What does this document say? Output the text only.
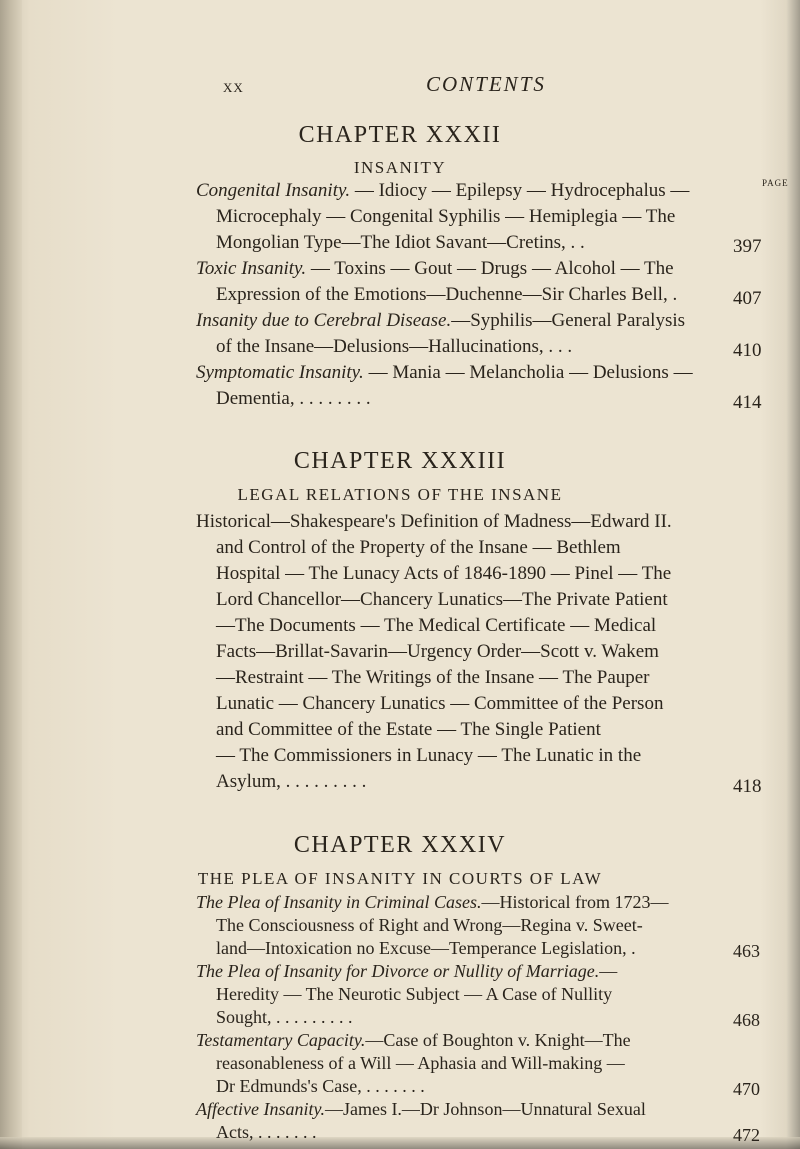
XX	CONTENTS
CHAPTER XXXII
INSANITY
PAGE
Congenital Insanity. — Idiocy — Epilepsy — Hydrocephalus —
Microcephaly — Congenital Syphilis — Hemiplegia — The
Mongolian Type—The Idiot Savant—Cretins, . .	397
Toxic Insanity. — Toxins — Gout — Drugs — Alcohol — The
Expression of the Emotions—Duchenne—Sir Charles Bell, .	407
Insanity due to Cerebral Disease.—Syphilis—General Paralysis
of the Insane—Delusions—Hallucinations, . . .	410
Symptomatic Insanity. — Mania — Melancholia — Delusions —
Dementia, . . . . . . . .	414
CHAPTER XXXIII
LEGAL RELATIONS OF THE INSANE
Historical—Shakespeare's Definition of Madness—Edward II.
and Control of the Property of the Insane — Bethlem
Hospital — The Lunacy Acts of 1846-1890 — Pinel — The
Lord Chancellor—Chancery Lunatics—The Private Patient
—The Documents — The Medical Certificate — Medical
Facts—Brillat-Savarin—Urgency Order—Scott v. Wakem
—Restraint — The Writings of the Insane — The Pauper
Lunatic — Chancery Lunatics — Committee of the Person
and Committee of the Estate — The Single Patient
— The Commissioners in Lunacy — The Lunatic in the
Asylum, . . . . . . . . .	418
CHAPTER XXXIV
THE PLEA OF INSANITY IN COURTS OF LAW
The Plea of Insanity in Criminal Cases.—Historical from 1723—
The Consciousness of Right and Wrong—Regina v. Sweet-
land—Intoxication no Excuse—Temperance Legislation, .	463
The Plea of Insanity for Divorce or Nullity of Marriage.—
Heredity — The Neurotic Subject — A Case of Nullity
Sought, . . . . . . . . .	468
Testamentary Capacity.—Case of Boughton v. Knight—The
reasonableness of a Will — Aphasia and Will-making —
Dr Edmunds's Case, . . . . . . .	470
Affective Insanity.—James I.—Dr Johnson—Unnatural Sexual
Acts, . . . . . . .	472
